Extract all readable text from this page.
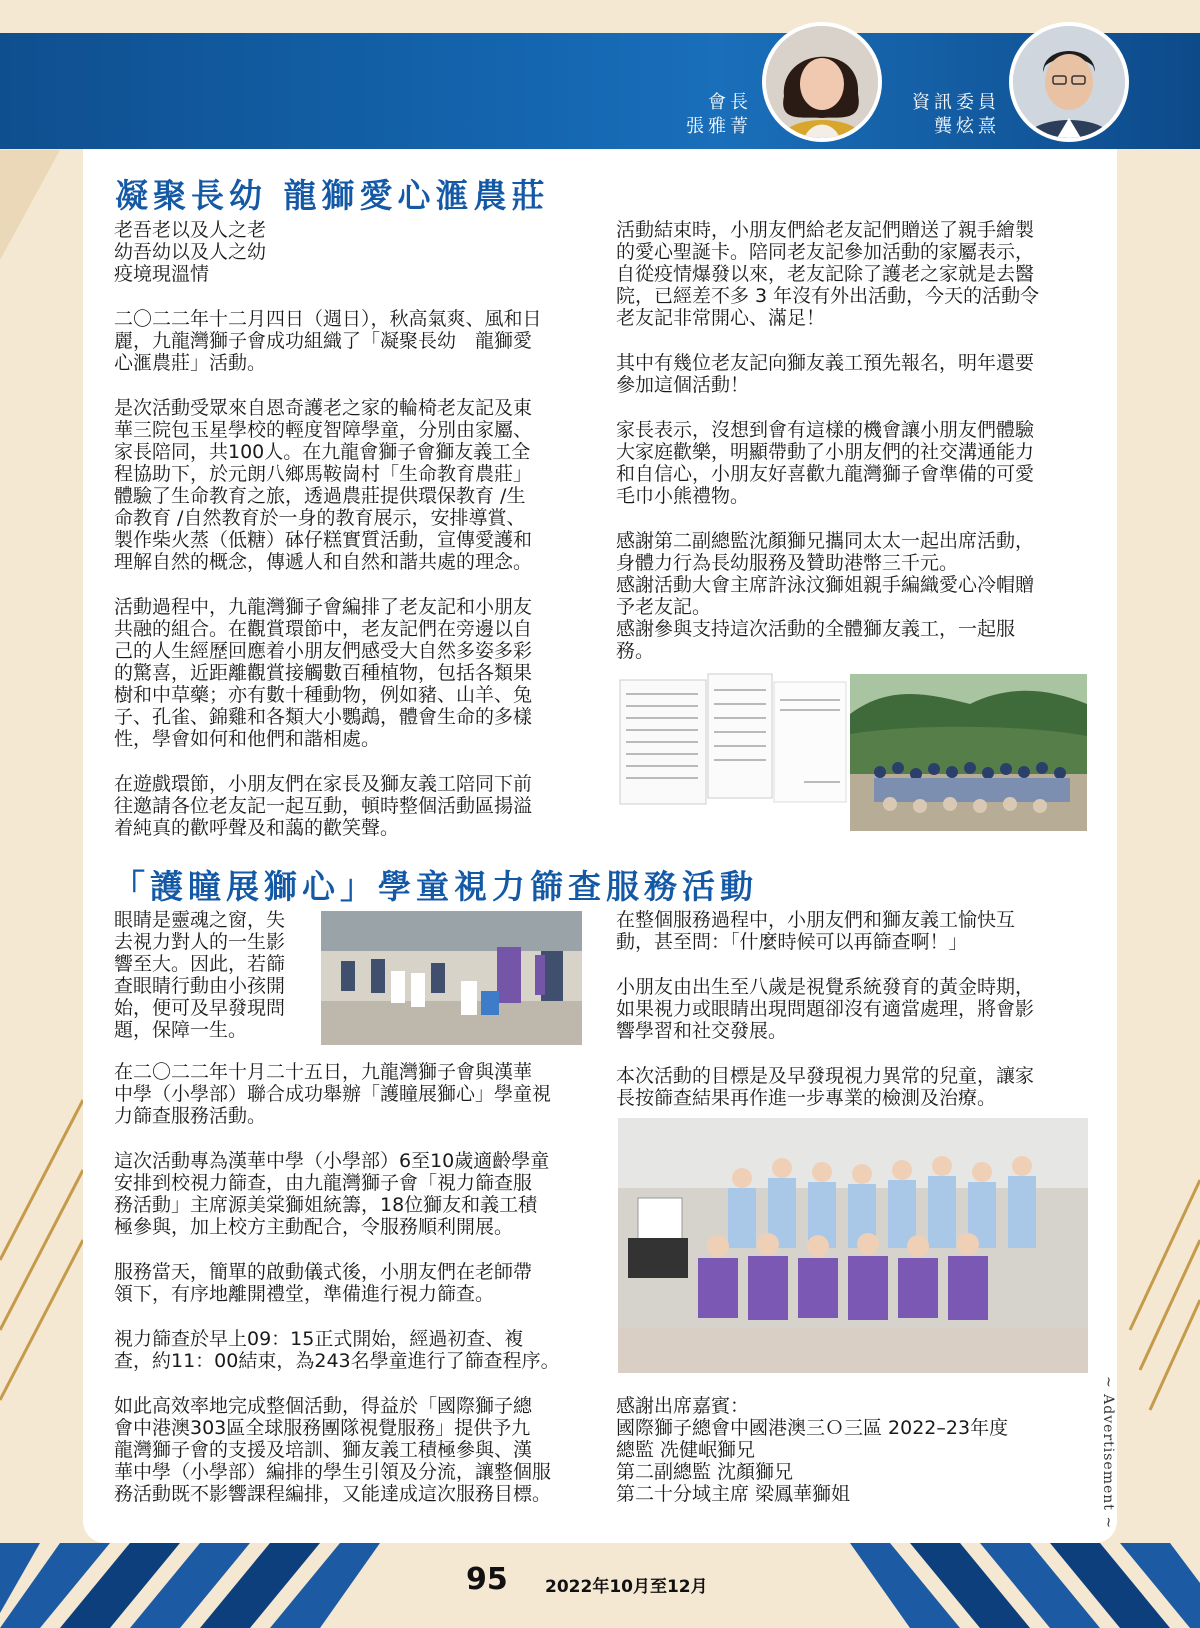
會長
張雅菁
資訊委員
龔炫熹
凝聚長幼 龍獅愛心滙農莊

老吾老以及人之老
幼吾幼以及人之幼
疫境現溫情

二〇二二年十二月四日（週日），秋高氣爽、風和日
麗，九龍灣獅子會成功組織了「凝聚長幼　龍獅愛
心滙農莊」活動。

是次活動受眾來自恩奇護老之家的輪椅老友記及東
華三院包玉星學校的輕度智障學童，分別由家屬、
家長陪同，共100人。在九龍會獅子會獅友義工全
程協助下，於元朗八鄉馬鞍崗村「生命教育農莊」
體驗了生命教育之旅，透過農莊提供環保教育 /生
命教育 /自然教育於一身的教育展示，安排導賞、
製作柴火蒸（低糖）砵仔糕實質活動，宣傳愛護和
理解自然的概念，傳遞人和自然和諧共處的理念。

活動過程中，九龍灣獅子會編排了老友記和小朋友
共融的組合。在觀賞環節中，老友記們在旁邊以自
己的人生經歷回應着小朋友們感受大自然多姿多彩
的驚喜，近距離觀賞接觸數百種植物，包括各類果
樹和中草藥；亦有數十種動物，例如豬、山羊、兔
子、孔雀、錦雞和各類大小鸚鵡，體會生命的多樣
性，學會如何和他們和諧相處。

在遊戲環節，小朋友們在家長及獅友義工陪同下前
往邀請各位老友記一起互動，頓時整個活動區揚溢
着純真的歡呼聲及和藹的歡笑聲。

活動結束時，小朋友們給老友記們贈送了親手繪製
的愛心聖誕卡。陪同老友記參加活動的家屬表示，
自從疫情爆發以來，老友記除了護老之家就是去醫
院，已經差不多 3 年沒有外出活動，今天的活動令
老友記非常開心、滿足！

其中有幾位老友記向獅友義工預先報名，明年還要
參加這個活動！

家長表示，沒想到會有這樣的機會讓小朋友們體驗
大家庭歡樂，明顯帶動了小朋友們的社交溝通能力
和自信心，小朋友好喜歡九龍灣獅子會準備的可愛
毛巾小熊禮物。

感謝第二副總監沈顏獅兄攜同太太一起出席活動，
身體力行為長幼服務及贊助港幣三千元。
感謝活動大會主席許泳汶獅姐親手編織愛心冷帽贈
予老友記。
感謝參與支持這次活動的全體獅友義工，一起服
務。

「護瞳展獅心」學童視力篩查服務活動

眼睛是靈魂之窗，失
去視力對人的一生影
響至大。因此，若篩
查眼睛行動由小孩開
始，便可及早發現問
題，保障一生。

在二〇二二年十月二十五日，九龍灣獅子會與漢華
中學（小學部）聯合成功舉辦「護瞳展獅心」學童視
力篩查服務活動。

這次活動專為漢華中學（小學部）6至10歲適齡學童
安排到校視力篩查，由九龍灣獅子會「視力篩查服
務活動」主席源美棠獅姐統籌，18位獅友和義工積
極參與，加上校方主動配合，令服務順利開展。

服務當天，簡單的啟動儀式後，小朋友們在老師帶
領下，有序地離開禮堂，準備進行視力篩查。

視力篩查於早上09：15正式開始，經過初查、複
查，約11：00結束，為243名學童進行了篩查程序。

如此高效率地完成整個活動，得益於「國際獅子總
會中港澳303區全球服務團隊視覺服務」提供予九
龍灣獅子會的支援及培訓、獅友義工積極參與、漢
華中學（小學部）編排的學生引領及分流，讓整個服
務活動既不影響課程編排，又能達成這次服務目標。

在整個服務過程中，小朋友們和獅友義工愉快互
動，甚至問：「什麼時候可以再篩查啊！」

小朋友由出生至八歲是視覺系統發育的黃金時期，
如果視力或眼睛出現問題卻沒有適當處理，將會影
響學習和社交發展。

本次活動的目標是及早發現視力異常的兒童，讓家
長按篩查結果再作進一步專業的檢測及治療。

感謝出席嘉賓：
國際獅子總會中國港澳三Ｏ三區 2022–23年度
總監 冼健岷獅兄
第二副總監 沈顏獅兄
第二十分域主席 梁鳳華獅姐

95 2022年10月至12月
